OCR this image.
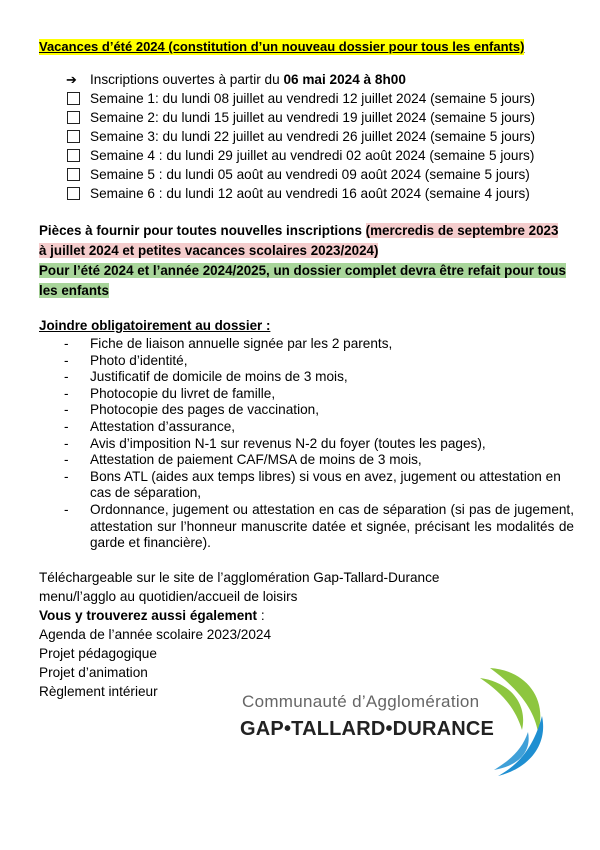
Vacances d’été 2024 (constitution d’un nouveau dossier pour tous les enfants)
➔ Inscriptions ouvertes à partir du 06 mai 2024 à 8h00
Semaine 1: du lundi 08 juillet au vendredi 12 juillet 2024 (semaine 5 jours)
Semaine 2: du lundi 15 juillet au vendredi 19 juillet 2024 (semaine 5 jours)
Semaine 3: du lundi 22 juillet au vendredi 26 juillet 2024 (semaine 5 jours)
Semaine 4 : du lundi 29 juillet au vendredi 02 août 2024 (semaine 5 jours)
Semaine 5 : du lundi 05 août au vendredi 09 août 2024 (semaine 5 jours)
Semaine 6 : du lundi 12 août au vendredi 16 août 2024 (semaine 4 jours)
Pièces à fournir pour toutes nouvelles inscriptions (mercredis de septembre 2023 à juillet 2024 et petites vacances scolaires 2023/2024)
Pour l’été 2024 et l’année 2024/2025, un dossier complet devra être refait pour tous les enfants
Joindre obligatoirement au dossier :
- Fiche de liaison annuelle signée par les 2 parents,
- Photo d’identité,
- Justificatif de domicile de moins de 3 mois,
- Photocopie du livret de famille,
- Photocopie des pages de vaccination,
- Attestation d’assurance,
- Avis d’imposition N-1 sur revenus N-2 du foyer (toutes les pages),
- Attestation de paiement CAF/MSA de moins de 3 mois,
- Bons ATL (aides aux temps libres) si vous en avez, jugement ou attestation en cas de séparation,
- Ordonnance, jugement ou attestation en cas de séparation (si pas de jugement, attestation sur l’honneur manuscrite datée et signée, précisant les modalités de garde et financière).
Téléchargeable sur le site de l’agglomération Gap-Tallard-Durance
menu/l’agglo au quotidien/accueil de loisirs
Vous y trouverez aussi également :
Agenda de l’année scolaire 2023/2024
Projet pédagogique
Projet d’animation
Règlement intérieur
Communauté d’Agglomération
GAP•TALLARD•DURANCE
